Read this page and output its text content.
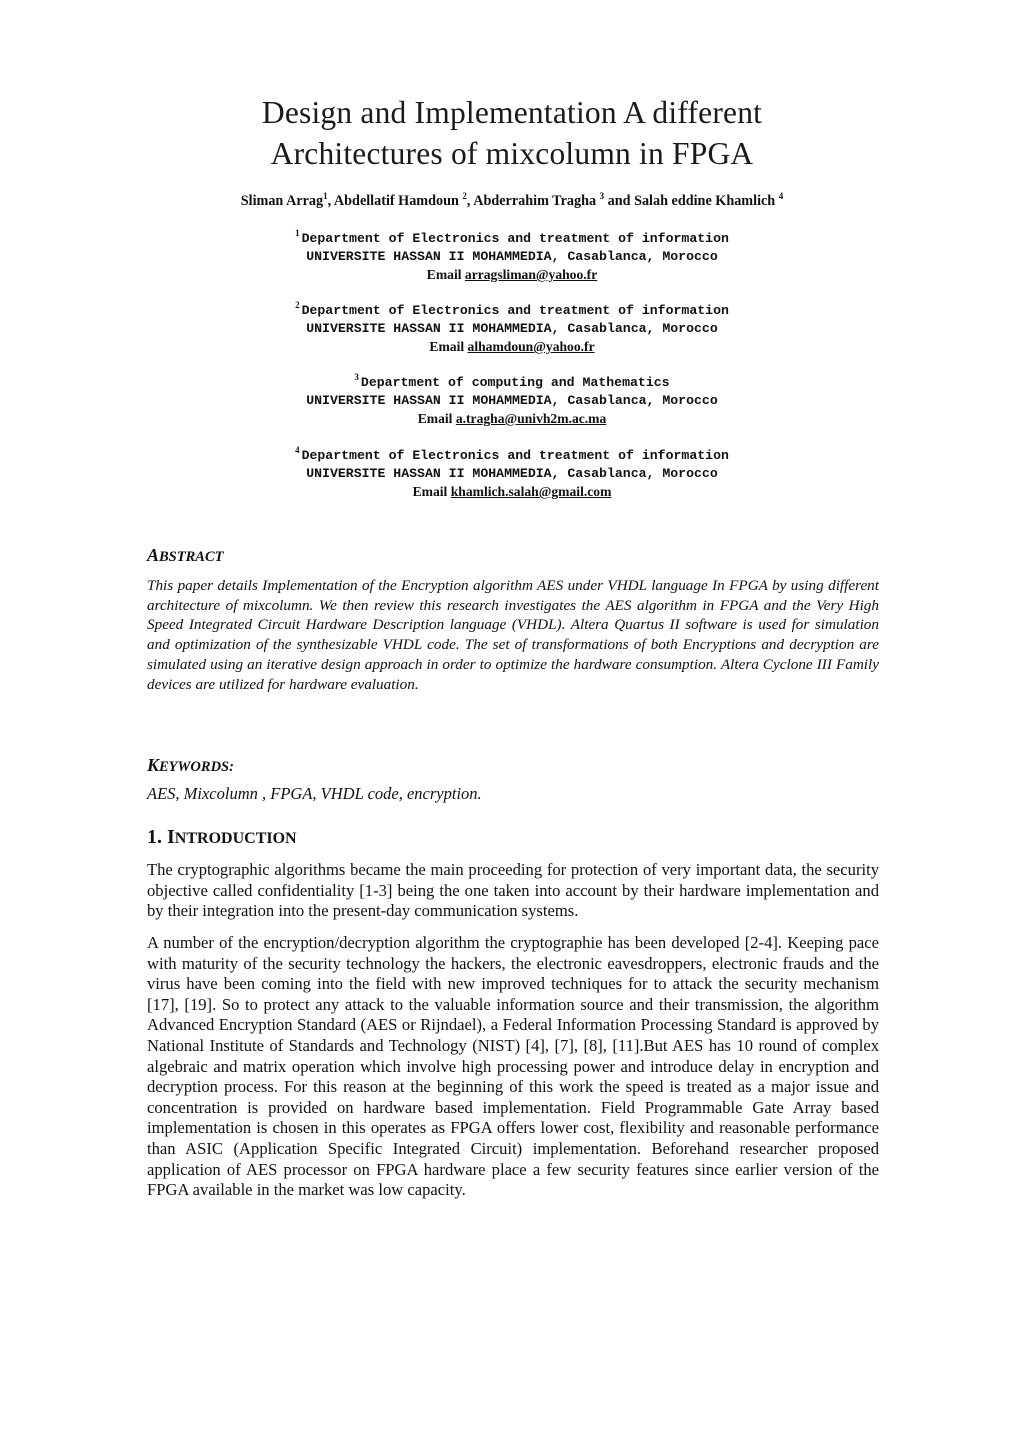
Design and Implementation A different
Architectures of mixcolumn in FPGA
Sliman Arrag$^1$, Abdellatif Hamdoun $^2$, Abderrahim Tragha $^3$ and Salah eddine Khamlich $^4$
$^1$ Department of Electronics and treatment of information
UNIVERSITE HASSAN II MOHAMMEDIA, Casablanca, Morocco
Email arragsliman@yahoo.fr
$^2$ Department of Electronics and treatment of information
UNIVERSITE HASSAN II MOHAMMEDIA, Casablanca, Morocco
Email alhamdoun@yahoo.fr
$^3$ Department of computing and Mathematics
UNIVERSITE HASSAN II MOHAMMEDIA, Casablanca, Morocco
Email a.tragha@univh2m.ac.ma
$^4$ Department of Electronics and treatment of information
UNIVERSITE HASSAN II MOHAMMEDIA, Casablanca, Morocco
Email khamlich.salah@gmail.com
ABSTRACT
This paper details Implementation of the Encryption algorithm AES under VHDL language In FPGA by using different architecture of mixcolumn. We then review this research investigates the AES algorithm in FPGA and the Very High Speed Integrated Circuit Hardware Description language (VHDL). Altera Quartus II software is used for simulation and optimization of the synthesizable VHDL code. The set of transformations of both Encryptions and decryption are simulated using an iterative design approach in order to optimize the hardware consumption. Altera Cyclone III Family devices are utilized for hardware evaluation.
KEYWORDS:
AES, Mixcolumn , FPGA, VHDL code, encryption.
1. INTRODUCTION
The cryptographic algorithms became the main proceeding for protection of very important data, the security objective called confidentiality [1-3] being the one taken into account by their hardware implementation and by their integration into the present-day communication systems.
A number of the encryption/decryption algorithm the cryptographie has been developed [2-4]. Keeping pace with maturity of the security technology the hackers, the electronic eavesdroppers, electronic frauds and the virus have been coming into the field with new improved techniques for to attack the security mechanism [17], [19]. So to protect any attack to the valuable information source and their transmission, the algorithm Advanced Encryption Standard (AES or Rijndael), a Federal Information Processing Standard is approved by National Institute of Standards and Technology (NIST) [4], [7], [8], [11].But AES has 10 round of complex algebraic and matrix operation which involve high processing power and introduce delay in encryption and decryption process. For this reason at the beginning of this work the speed is treated as a major issue and concentration is provided on hardware based implementation. Field Programmable Gate Array based implementation is chosen in this operates as FPGA offers lower cost, flexibility and reasonable performance than ASIC (Application Specific Integrated Circuit) implementation. Beforehand researcher proposed application of AES processor on FPGA hardware place a few security features since earlier version of the FPGA available in the market was low capacity.
